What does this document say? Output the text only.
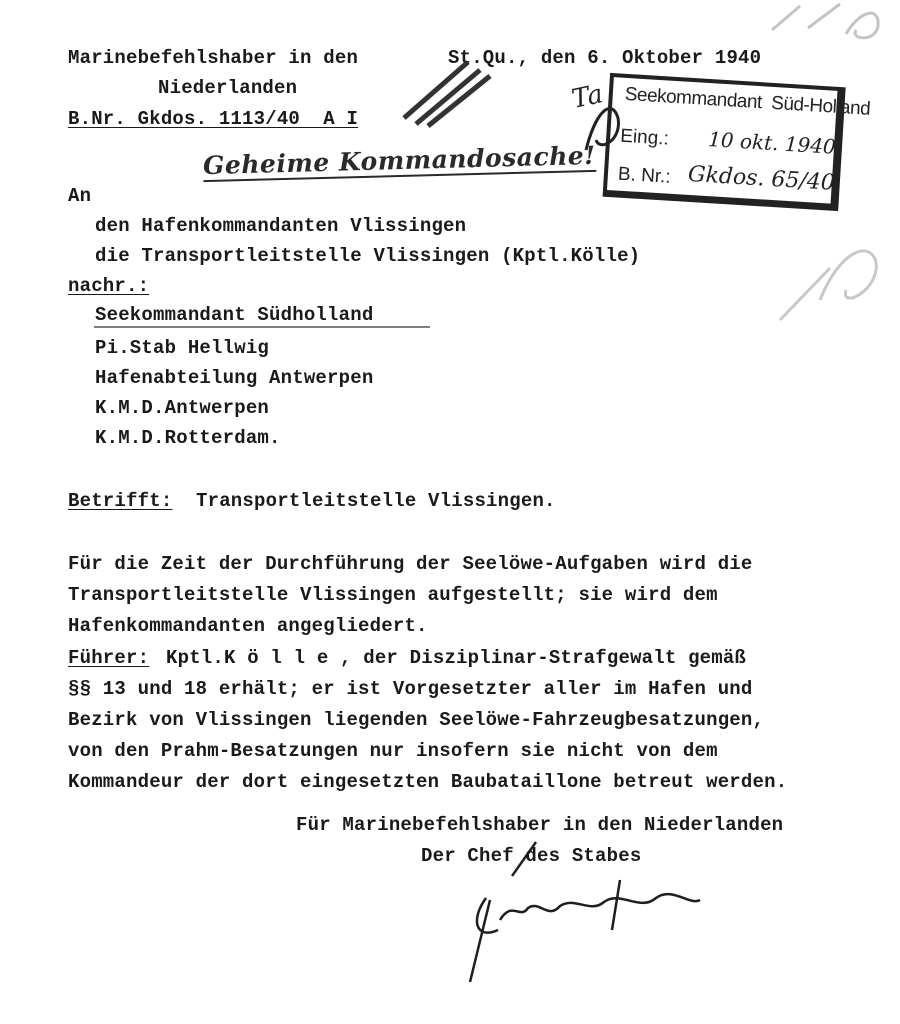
Marinebefehlshaber in den
Niederlanden
St.Qu., den 6. Oktober 1940
B.Nr. Gkdos. 1113/40  A I
Geheime Kommandosache!
Seekommandant  Süd-Holland
Eing.: 10 okt. 1940
B. Nr.: Gkdos. 65/40
Ta
An
den Hafenkommandanten Vlissingen
die Transportleitstelle Vlissingen (Kptl.Kölle)
nachr.:
Seekommandant Südholland
Pi.Stab Hellwig
Hafenabteilung Antwerpen
K.M.D.Antwerpen
K.M.D.Rotterdam.
Betrifft: Transportleitstelle Vlissingen.
Für die Zeit der Durchführung der Seelöwe-Aufgaben wird die
Transportleitstelle Vlissingen aufgestellt; sie wird dem
Hafenkommandanten angegliedert.
Führer: Kptl.K ö l l e , der Disziplinar-Strafgewalt gemäß
§§ 13 und 18 erhält; er ist Vorgesetzter aller im Hafen und
Bezirk von Vlissingen liegenden Seelöwe-Fahrzeugbesatzungen,
von den Prahm-Besatzungen nur insofern sie nicht von dem
Kommandeur der dort eingesetzten Baubataillone betreut werden.
Für Marinebefehlshaber in den Niederlanden
Der Chef des Stabes
